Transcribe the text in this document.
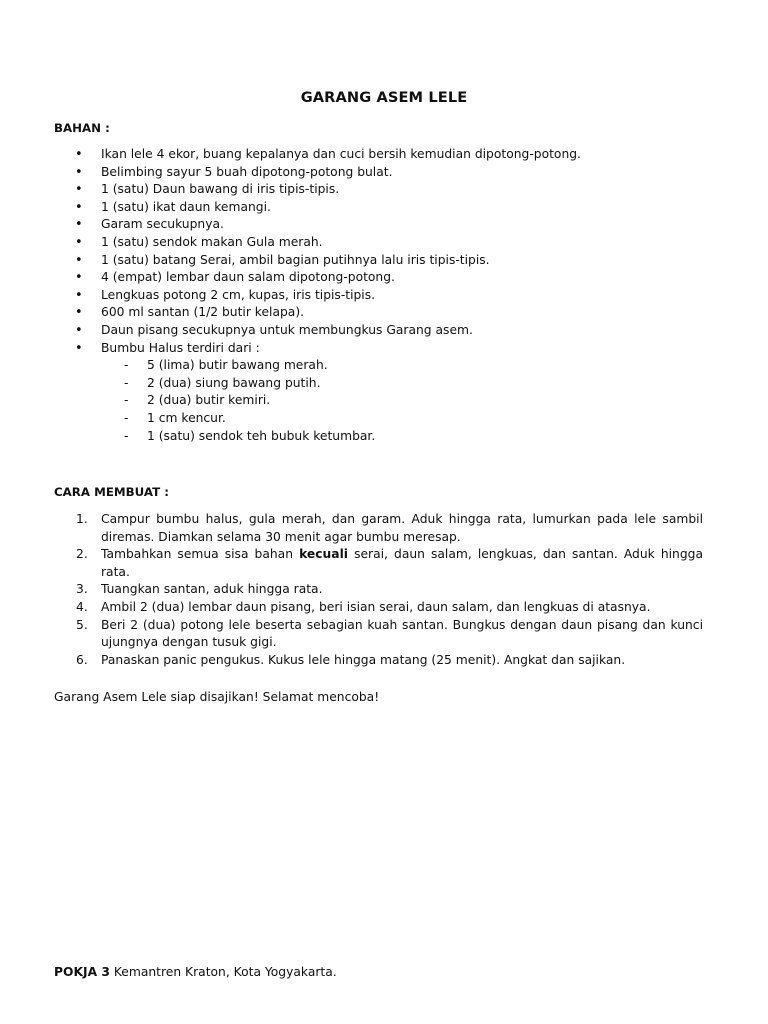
GARANG ASEM LELE
BAHAN :
• Ikan lele 4 ekor, buang kepalanya dan cuci bersih kemudian dipotong-potong.
• Belimbing sayur 5 buah dipotong-potong bulat.
• 1 (satu) Daun bawang di iris tipis-tipis.
• 1 (satu) ikat daun kemangi.
• Garam secukupnya.
• 1 (satu) sendok makan Gula merah.
• 1 (satu) batang Serai, ambil bagian putihnya lalu iris tipis-tipis.
• 4 (empat) lembar daun salam dipotong-potong.
• Lengkuas potong 2 cm, kupas, iris tipis-tipis.
• 600 ml santan (1/2 butir kelapa).
• Daun pisang secukupnya untuk membungkus Garang asem.
• Bumbu Halus terdiri dari :
- 5 (lima) butir bawang merah.
- 2 (dua) siung bawang putih.
- 2 (dua) butir kemiri.
- 1 cm kencur.
- 1 (satu) sendok teh bubuk ketumbar.
CARA MEMBUAT :
1. Campur bumbu halus, gula merah, dan garam. Aduk hingga rata, lumurkan pada lele sambil diremas. Diamkan selama 30 menit agar bumbu meresap.
2. Tambahkan semua sisa bahan kecuali serai, daun salam, lengkuas, dan santan. Aduk hingga rata.
3. Tuangkan santan, aduk hingga rata.
4. Ambil 2 (dua) lembar daun pisang, beri isian serai, daun salam, dan lengkuas di atasnya.
5. Beri 2 (dua) potong lele beserta sebagian kuah santan. Bungkus dengan daun pisang dan kunci ujungnya dengan tusuk gigi.
6. Panaskan panic pengukus. Kukus lele hingga matang (25 menit). Angkat dan sajikan.
Garang Asem Lele siap disajikan! Selamat mencoba!
POKJA 3 Kemantren Kraton, Kota Yogyakarta.
